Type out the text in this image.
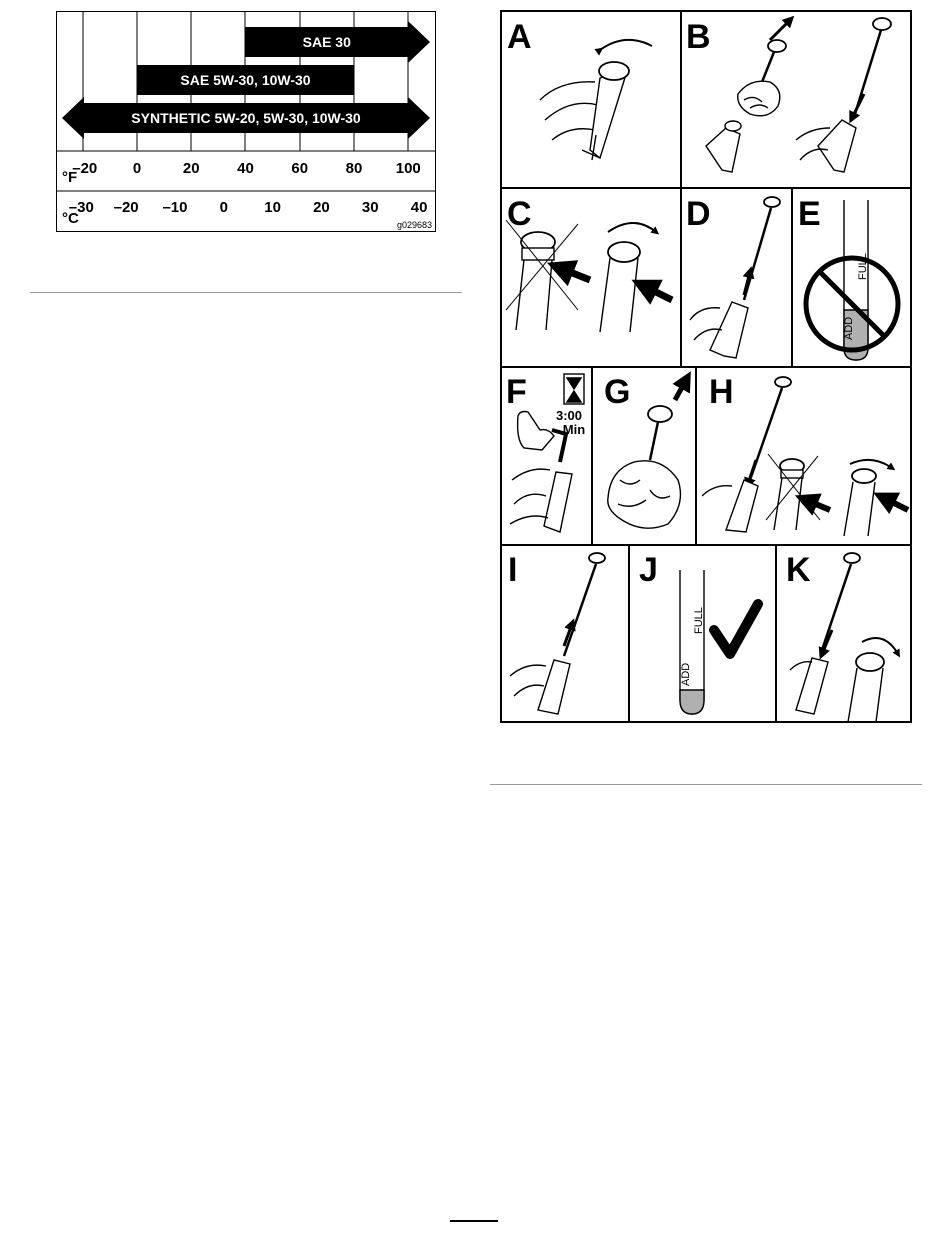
SAE 30
SAE 5W-30, 10W-30
SYNTHETIC 5W-20, 5W-30, 10W-30
–20 0	20	40	60	80 100
°F
–30 –20 –10 0 10 20 30 40
°C	g029683
A	B
C	D	E
F G H
I	J	K
ADD
FULL
3:00
Min
ADD
FULL
